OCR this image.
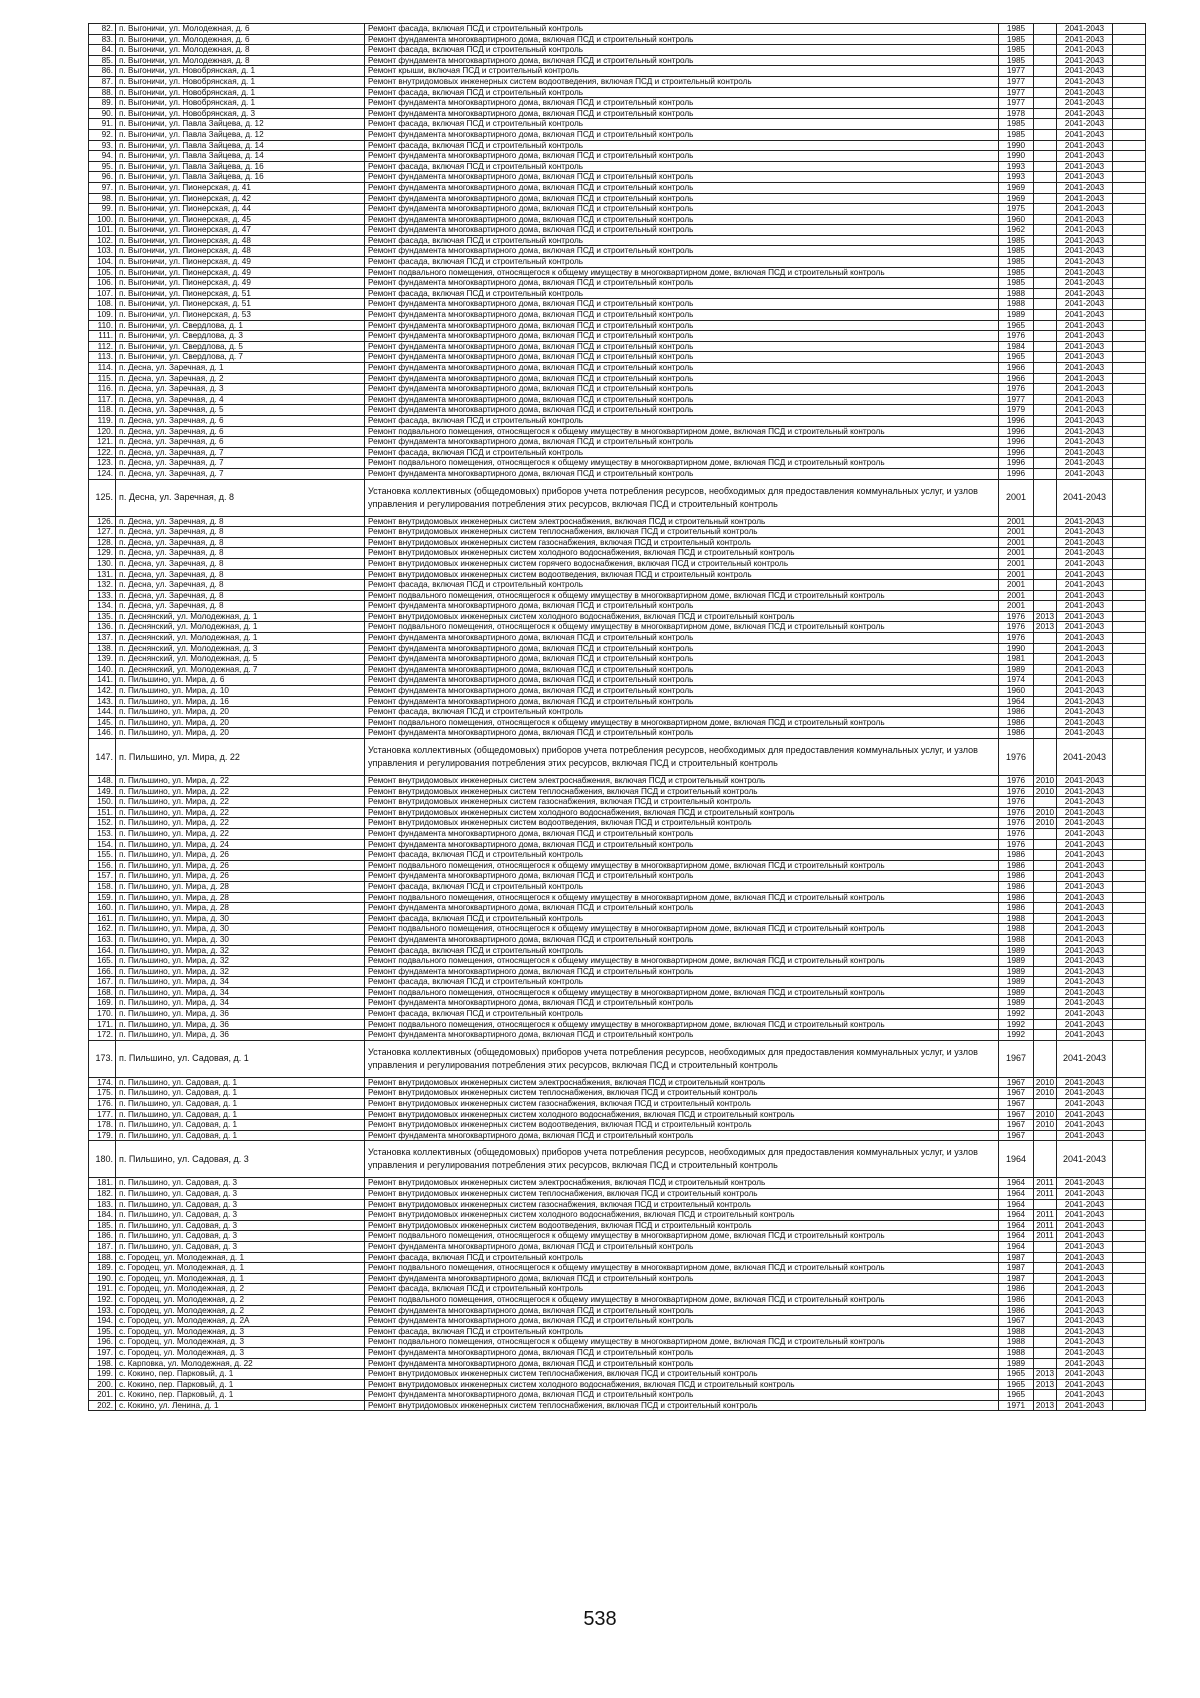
82.	п. Выгоничи, ул. Молодежная, д. 6	Ремонт фасада, включая ПСД и строительный контроль	1985		2041-2043	
83.	п. Выгоничи, ул. Молодежная, д. 6	Ремонт фундамента многоквартирного дома, включая ПСД и строительный контроль	1985		2041-2043	
84.	п. Выгоничи, ул. Молодежная, д. 8	Ремонт фасада, включая ПСД и строительный контроль	1985		2041-2043	
85.	п. Выгоничи, ул. Молодежная, д. 8	Ремонт фундамента многоквартирного дома, включая ПСД и строительный контроль	1985		2041-2043	
86.	п. Выгоничи, ул. Новобрянская, д. 1	Ремонт крыши, включая ПСД и строительный контроль	1977		2041-2043	
87.	п. Выгоничи, ул. Новобрянская, д. 1	Ремонт внутридомовых инженерных систем водоотведения, включая ПСД и строительный контроль	1977		2041-2043	
88.	п. Выгоничи, ул. Новобрянская, д. 1	Ремонт фасада, включая ПСД и строительный контроль	1977		2041-2043	
89.	п. Выгоничи, ул. Новобрянская, д. 1	Ремонт фундамента многоквартирного дома, включая ПСД и строительный контроль	1977		2041-2043	
90.	п. Выгоничи, ул. Новобрянская, д. 3	Ремонт фундамента многоквартирного дома, включая ПСД и строительный контроль	1978		2041-2043	
91.	п. Выгоничи, ул. Павла Зайцева, д. 12	Ремонт фасада, включая ПСД и строительный контроль	1985		2041-2043	
92.	п. Выгоничи, ул. Павла Зайцева, д. 12	Ремонт фундамента многоквартирного дома, включая ПСД и строительный контроль	1985		2041-2043	
93.	п. Выгоничи, ул. Павла Зайцева, д. 14	Ремонт фасада, включая ПСД и строительный контроль	1990		2041-2043	
94.	п. Выгоничи, ул. Павла Зайцева, д. 14	Ремонт фундамента многоквартирного дома, включая ПСД и строительный контроль	1990		2041-2043	
95.	п. Выгоничи, ул. Павла Зайцева, д. 16	Ремонт фасада, включая ПСД и строительный контроль	1993		2041-2043	
96.	п. Выгоничи, ул. Павла Зайцева, д. 16	Ремонт фундамента многоквартирного дома, включая ПСД и строительный контроль	1993		2041-2043	
97.	п. Выгоничи, ул. Пионерская, д. 41	Ремонт фундамента многоквартирного дома, включая ПСД и строительный контроль	1969		2041-2043	
98.	п. Выгоничи, ул. Пионерская, д. 42	Ремонт фундамента многоквартирного дома, включая ПСД и строительный контроль	1969		2041-2043	
99.	п. Выгоничи, ул. Пионерская, д. 44	Ремонт фундамента многоквартирного дома, включая ПСД и строительный контроль	1975		2041-2043	
100.	п. Выгоничи, ул. Пионерская, д. 45	Ремонт фундамента многоквартирного дома, включая ПСД и строительный контроль	1960		2041-2043	
101.	п. Выгоничи, ул. Пионерская, д. 47	Ремонт фундамента многоквартирного дома, включая ПСД и строительный контроль	1962		2041-2043	
102.	п. Выгоничи, ул. Пионерская, д. 48	Ремонт фасада, включая ПСД и строительный контроль	1985		2041-2043	
103.	п. Выгоничи, ул. Пионерская, д. 48	Ремонт фундамента многоквартирного дома, включая ПСД и строительный контроль	1985		2041-2043	
104.	п. Выгоничи, ул. Пионерская, д. 49	Ремонт фасада, включая ПСД и строительный контроль	1985		2041-2043	
105.	п. Выгоничи, ул. Пионерская, д. 49	Ремонт подвального помещения, относящегося к общему имуществу в многоквартирном доме, включая ПСД и строительный контроль	1985		2041-2043	
106.	п. Выгоничи, ул. Пионерская, д. 49	Ремонт фундамента многоквартирного дома, включая ПСД и строительный контроль	1985		2041-2043	
107.	п. Выгоничи, ул. Пионерская, д. 51	Ремонт фасада, включая ПСД и строительный контроль	1988		2041-2043	
108.	п. Выгоничи, ул. Пионерская, д. 51	Ремонт фундамента многоквартирного дома, включая ПСД и строительный контроль	1988		2041-2043	
109.	п. Выгоничи, ул. Пионерская, д. 53	Ремонт фундамента многоквартирного дома, включая ПСД и строительный контроль	1989		2041-2043	
110.	п. Выгоничи, ул. Свердлова, д. 1	Ремонт фундамента многоквартирного дома, включая ПСД и строительный контроль	1965		2041-2043	
111.	п. Выгоничи, ул. Свердлова, д. 3	Ремонт фундамента многоквартирного дома, включая ПСД и строительный контроль	1976		2041-2043	
112.	п. Выгоничи, ул. Свердлова, д. 5	Ремонт фундамента многоквартирного дома, включая ПСД и строительный контроль	1984		2041-2043	
113.	п. Выгоничи, ул. Свердлова, д. 7	Ремонт фундамента многоквартирного дома, включая ПСД и строительный контроль	1965		2041-2043	
114.	п. Десна, ул. Заречная, д. 1	Ремонт фундамента многоквартирного дома, включая ПСД и строительный контроль	1966		2041-2043	
115.	п. Десна, ул. Заречная, д. 2	Ремонт фундамента многоквартирного дома, включая ПСД и строительный контроль	1966		2041-2043	
116.	п. Десна, ул. Заречная, д. 3	Ремонт фундамента многоквартирного дома, включая ПСД и строительный контроль	1976		2041-2043	
117.	п. Десна, ул. Заречная, д. 4	Ремонт фундамента многоквартирного дома, включая ПСД и строительный контроль	1977		2041-2043	
118.	п. Десна, ул. Заречная, д. 5	Ремонт фундамента многоквартирного дома, включая ПСД и строительный контроль	1979		2041-2043	
119.	п. Десна, ул. Заречная, д. 6	Ремонт фасада, включая ПСД и строительный контроль	1996		2041-2043	
120.	п. Десна, ул. Заречная, д. 6	Ремонт подвального помещения, относящегося к общему имуществу в многоквартирном доме, включая ПСД и строительный контроль	1996		2041-2043	
121.	п. Десна, ул. Заречная, д. 6	Ремонт фундамента многоквартирного дома, включая ПСД и строительный контроль	1996		2041-2043	
122.	п. Десна, ул. Заречная, д. 7	Ремонт фасада, включая ПСД и строительный контроль	1996		2041-2043	
123.	п. Десна, ул. Заречная, д. 7	Ремонт подвального помещения, относящегося к общему имуществу в многоквартирном доме, включая ПСД и строительный контроль	1996		2041-2043	
124.	п. Десна, ул. Заречная, д. 7	Ремонт фундамента многоквартирного дома, включая ПСД и строительный контроль	1996		2041-2043	
125.	п. Десна, ул. Заречная, д. 8	Установка коллективных (общедомовых) приборов учета потребления ресурсов, необходимых для предоставления коммунальных услуг, и узлов управления и регулирования потребления этих ресурсов, включая ПСД и строительный контроль	2001		2041-2043	
126.	п. Десна, ул. Заречная, д. 8	Ремонт внутридомовых инженерных систем электроснабжения, включая ПСД и строительный контроль	2001		2041-2043	
127.	п. Десна, ул. Заречная, д. 8	Ремонт внутридомовых инженерных систем теплоснабжения, включая ПСД и строительный контроль	2001		2041-2043	
128.	п. Десна, ул. Заречная, д. 8	Ремонт внутридомовых инженерных систем газоснабжения, включая ПСД и строительный контроль	2001		2041-2043	
129.	п. Десна, ул. Заречная, д. 8	Ремонт внутридомовых инженерных систем холодного водоснабжения, включая ПСД и строительный контроль	2001		2041-2043	
130.	п. Десна, ул. Заречная, д. 8	Ремонт внутридомовых инженерных систем горячего водоснабжения, включая ПСД и строительный контроль	2001		2041-2043	
131.	п. Десна, ул. Заречная, д. 8	Ремонт внутридомовых инженерных систем водоотведения, включая ПСД и строительный контроль	2001		2041-2043	
132.	п. Десна, ул. Заречная, д. 8	Ремонт фасада, включая ПСД и строительный контроль	2001		2041-2043	
133.	п. Десна, ул. Заречная, д. 8	Ремонт подвального помещения, относящегося к общему имуществу в многоквартирном доме, включая ПСД и строительный контроль	2001		2041-2043	
134.	п. Десна, ул. Заречная, д. 8	Ремонт фундамента многоквартирного дома, включая ПСД и строительный контроль	2001		2041-2043	
135.	п. Деснянский, ул. Молодежная, д. 1	Ремонт внутридомовых инженерных систем холодного водоснабжения, включая ПСД и строительный контроль	1976	2013	2041-2043	
136.	п. Деснянский, ул. Молодежная, д. 1	Ремонт подвального помещения, относящегося к общему имуществу в многоквартирном доме, включая ПСД и строительный контроль	1976	2013	2041-2043	
137.	п. Деснянский, ул. Молодежная, д. 1	Ремонт фундамента многоквартирного дома, включая ПСД и строительный контроль	1976		2041-2043	
138.	п. Деснянский, ул. Молодежная, д. 3	Ремонт фундамента многоквартирного дома, включая ПСД и строительный контроль	1990		2041-2043	
139.	п. Деснянский, ул. Молодежная, д. 5	Ремонт фундамента многоквартирного дома, включая ПСД и строительный контроль	1981		2041-2043	
140.	п. Деснянский, ул. Молодежная, д. 7	Ремонт фундамента многоквартирного дома, включая ПСД и строительный контроль	1989		2041-2043	
141.	п. Пильшино, ул. Мира, д. 6	Ремонт фундамента многоквартирного дома, включая ПСД и строительный контроль	1974		2041-2043	
142.	п. Пильшино, ул. Мира, д. 10	Ремонт фундамента многоквартирного дома, включая ПСД и строительный контроль	1960		2041-2043	
143.	п. Пильшино, ул. Мира, д. 16	Ремонт фундамента многоквартирного дома, включая ПСД и строительный контроль	1964		2041-2043	
144.	п. Пильшино, ул. Мира, д. 20	Ремонт фасада, включая ПСД и строительный контроль	1986		2041-2043	
145.	п. Пильшино, ул. Мира, д. 20	Ремонт подвального помещения, относящегося к общему имуществу в многоквартирном доме, включая ПСД и строительный контроль	1986		2041-2043	
146.	п. Пильшино, ул. Мира, д. 20	Ремонт фундамента многоквартирного дома, включая ПСД и строительный контроль	1986		2041-2043	
147.	п. Пильшино, ул. Мира, д. 22	Установка коллективных (общедомовых) приборов учета потребления ресурсов, необходимых для предоставления коммунальных услуг, и узлов управления и регулирования потребления этих ресурсов, включая ПСД и строительный контроль	1976		2041-2043	
148.	п. Пильшино, ул. Мира, д. 22	Ремонт внутридомовых инженерных систем электроснабжения, включая ПСД и строительный контроль	1976	2010	2041-2043	
149.	п. Пильшино, ул. Мира, д. 22	Ремонт внутридомовых инженерных систем теплоснабжения, включая ПСД и строительный контроль	1976	2010	2041-2043	
150.	п. Пильшино, ул. Мира, д. 22	Ремонт внутридомовых инженерных систем газоснабжения, включая ПСД и строительный контроль	1976		2041-2043	
151.	п. Пильшино, ул. Мира, д. 22	Ремонт внутридомовых инженерных систем холодного водоснабжения, включая ПСД и строительный контроль	1976	2010	2041-2043	
152.	п. Пильшино, ул. Мира, д. 22	Ремонт внутридомовых инженерных систем водоотведения, включая ПСД и строительный контроль	1976	2010	2041-2043	
153.	п. Пильшино, ул. Мира, д. 22	Ремонт фундамента многоквартирного дома, включая ПСД и строительный контроль	1976		2041-2043	
154.	п. Пильшино, ул. Мира, д. 24	Ремонт фундамента многоквартирного дома, включая ПСД и строительный контроль	1976		2041-2043	
155.	п. Пильшино, ул. Мира, д. 26	Ремонт фасада, включая ПСД и строительный контроль	1986		2041-2043	
156.	п. Пильшино, ул. Мира, д. 26	Ремонт подвального помещения, относящегося к общему имуществу в многоквартирном доме, включая ПСД и строительный контроль	1986		2041-2043	
157.	п. Пильшино, ул. Мира, д. 26	Ремонт фундамента многоквартирного дома, включая ПСД и строительный контроль	1986		2041-2043	
158.	п. Пильшино, ул. Мира, д. 28	Ремонт фасада, включая ПСД и строительный контроль	1986		2041-2043	
159.	п. Пильшино, ул. Мира, д. 28	Ремонт подвального помещения, относящегося к общему имуществу в многоквартирном доме, включая ПСД и строительный контроль	1986		2041-2043	
160.	п. Пильшино, ул. Мира, д. 28	Ремонт фундамента многоквартирного дома, включая ПСД и строительный контроль	1986		2041-2043	
161.	п. Пильшино, ул. Мира, д. 30	Ремонт фасада, включая ПСД и строительный контроль	1988		2041-2043	
162.	п. Пильшино, ул. Мира, д. 30	Ремонт подвального помещения, относящегося к общему имуществу в многоквартирном доме, включая ПСД и строительный контроль	1988		2041-2043	
163.	п. Пильшино, ул. Мира, д. 30	Ремонт фундамента многоквартирного дома, включая ПСД и строительный контроль	1988		2041-2043	
164.	п. Пильшино, ул. Мира, д. 32	Ремонт фасада, включая ПСД и строительный контроль	1989		2041-2043	
165.	п. Пильшино, ул. Мира, д. 32	Ремонт подвального помещения, относящегося к общему имуществу в многоквартирном доме, включая ПСД и строительный контроль	1989		2041-2043	
166.	п. Пильшино, ул. Мира, д. 32	Ремонт фундамента многоквартирного дома, включая ПСД и строительный контроль	1989		2041-2043	
167.	п. Пильшино, ул. Мира, д. 34	Ремонт фасада, включая ПСД и строительный контроль	1989		2041-2043	
168.	п. Пильшино, ул. Мира, д. 34	Ремонт подвального помещения, относящегося к общему имуществу в многоквартирном доме, включая ПСД и строительный контроль	1989		2041-2043	
169.	п. Пильшино, ул. Мира, д. 34	Ремонт фундамента многоквартирного дома, включая ПСД и строительный контроль	1989		2041-2043	
170.	п. Пильшино, ул. Мира, д. 36	Ремонт фасада, включая ПСД и строительный контроль	1992		2041-2043	
171.	п. Пильшино, ул. Мира, д. 36	Ремонт подвального помещения, относящегося к общему имуществу в многоквартирном доме, включая ПСД и строительный контроль	1992		2041-2043	
172.	п. Пильшино, ул. Мира, д. 36	Ремонт фундамента многоквартирного дома, включая ПСД и строительный контроль	1992		2041-2043	
173.	п. Пильшино, ул. Садовая, д. 1	Установка коллективных (общедомовых) приборов учета потребления ресурсов, необходимых для предоставления коммунальных услуг, и узлов управления и регулирования потребления этих ресурсов, включая ПСД и строительный контроль	1967		2041-2043	
174.	п. Пильшино, ул. Садовая, д. 1	Ремонт внутридомовых инженерных систем электроснабжения, включая ПСД и строительный контроль	1967	2010	2041-2043	
175.	п. Пильшино, ул. Садовая, д. 1	Ремонт внутридомовых инженерных систем теплоснабжения, включая ПСД и строительный контроль	1967	2010	2041-2043	
176.	п. Пильшино, ул. Садовая, д. 1	Ремонт внутридомовых инженерных систем газоснабжения, включая ПСД и строительный контроль	1967		2041-2043	
177.	п. Пильшино, ул. Садовая, д. 1	Ремонт внутридомовых инженерных систем холодного водоснабжения, включая ПСД и строительный контроль	1967	2010	2041-2043	
178.	п. Пильшино, ул. Садовая, д. 1	Ремонт внутридомовых инженерных систем водоотведения, включая ПСД и строительный контроль	1967	2010	2041-2043	
179.	п. Пильшино, ул. Садовая, д. 1	Ремонт фундамента многоквартирного дома, включая ПСД и строительный контроль	1967		2041-2043	
180.	п. Пильшино, ул. Садовая, д. 3	Установка коллективных (общедомовых) приборов учета потребления ресурсов, необходимых для предоставления коммунальных услуг, и узлов управления и регулирования потребления этих ресурсов, включая ПСД и строительный контроль	1964		2041-2043	
181.	п. Пильшино, ул. Садовая, д. 3	Ремонт внутридомовых инженерных систем электроснабжения, включая ПСД и строительный контроль	1964	2011	2041-2043	
182.	п. Пильшино, ул. Садовая, д. 3	Ремонт внутридомовых инженерных систем теплоснабжения, включая ПСД и строительный контроль	1964	2011	2041-2043	
183.	п. Пильшино, ул. Садовая, д. 3	Ремонт внутридомовых инженерных систем газоснабжения, включая ПСД и строительный контроль	1964		2041-2043	
184.	п. Пильшино, ул. Садовая, д. 3	Ремонт внутридомовых инженерных систем холодного водоснабжения, включая ПСД и строительный контроль	1964	2011	2041-2043	
185.	п. Пильшино, ул. Садовая, д. 3	Ремонт внутридомовых инженерных систем водоотведения, включая ПСД и строительный контроль	1964	2011	2041-2043	
186.	п. Пильшино, ул. Садовая, д. 3	Ремонт подвального помещения, относящегося к общему имуществу в многоквартирном доме, включая ПСД и строительный контроль	1964	2011	2041-2043	
187.	п. Пильшино, ул. Садовая, д. 3	Ремонт фундамента многоквартирного дома, включая ПСД и строительный контроль	1964		2041-2043	
188.	с. Городец, ул. Молодежная, д. 1	Ремонт фасада, включая ПСД и строительный контроль	1987		2041-2043	
189.	с. Городец, ул. Молодежная, д. 1	Ремонт подвального помещения, относящегося к общему имуществу в многоквартирном доме, включая ПСД и строительный контроль	1987		2041-2043	
190.	с. Городец, ул. Молодежная, д. 1	Ремонт фундамента многоквартирного дома, включая ПСД и строительный контроль	1987		2041-2043	
191.	с. Городец, ул. Молодежная, д. 2	Ремонт фасада, включая ПСД и строительный контроль	1986		2041-2043	
192.	с. Городец, ул. Молодежная, д. 2	Ремонт подвального помещения, относящегося к общему имуществу в многоквартирном доме, включая ПСД и строительный контроль	1986		2041-2043	
193.	с. Городец, ул. Молодежная, д. 2	Ремонт фундамента многоквартирного дома, включая ПСД и строительный контроль	1986		2041-2043	
194.	с. Городец, ул. Молодежная, д. 2А	Ремонт фундамента многоквартирного дома, включая ПСД и строительный контроль	1967		2041-2043	
195.	с. Городец, ул. Молодежная, д. 3	Ремонт фасада, включая ПСД и строительный контроль	1988		2041-2043	
196.	с. Городец, ул. Молодежная, д. 3	Ремонт подвального помещения, относящегося к общему имуществу в многоквартирном доме, включая ПСД и строительный контроль	1988		2041-2043	
197.	с. Городец, ул. Молодежная, д. 3	Ремонт фундамента многоквартирного дома, включая ПСД и строительный контроль	1988		2041-2043	
198.	с. Карповка, ул. Молодежная, д. 22	Ремонт фундамента многоквартирного дома, включая ПСД и строительный контроль	1989		2041-2043	
199.	с. Кокино, пер. Парковый, д. 1	Ремонт внутридомовых инженерных систем теплоснабжения, включая ПСД и строительный контроль	1965	2013	2041-2043	
200.	с. Кокино, пер. Парковый, д. 1	Ремонт внутридомовых инженерных систем холодного водоснабжения, включая ПСД и строительный контроль	1965	2013	2041-2043	
201.	с. Кокино, пер. Парковый, д. 1	Ремонт фундамента многоквартирного дома, включая ПСД и строительный контроль	1965		2041-2043	
202.	с. Кокино, ул. Ленина, д. 1	Ремонт внутридомовых инженерных систем теплоснабжения, включая ПСД и строительный контроль	1971	2013	2041-2043	
538
